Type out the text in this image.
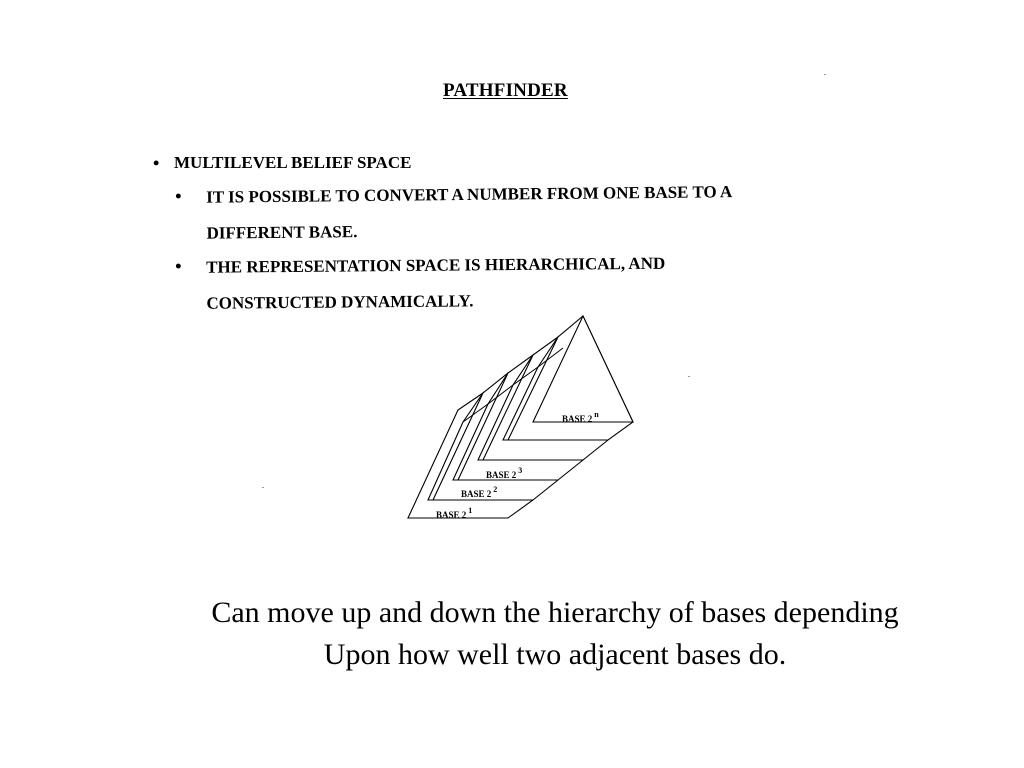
PATHFINDER
• MULTILEVEL BELIEF SPACE
• IT IS POSSIBLE TO CONVERT A NUMBER FROM ONE BASE TO A
DIFFERENT BASE.
• THE REPRESENTATION SPACE IS HIERARCHICAL, AND
CONSTRUCTED DYNAMICALLY.
BASE 2 1
BASE 2 2
BASE 2 3
BASE 2 n
Can move up and down the hierarchy of bases depending
Upon how well two adjacent bases do.
